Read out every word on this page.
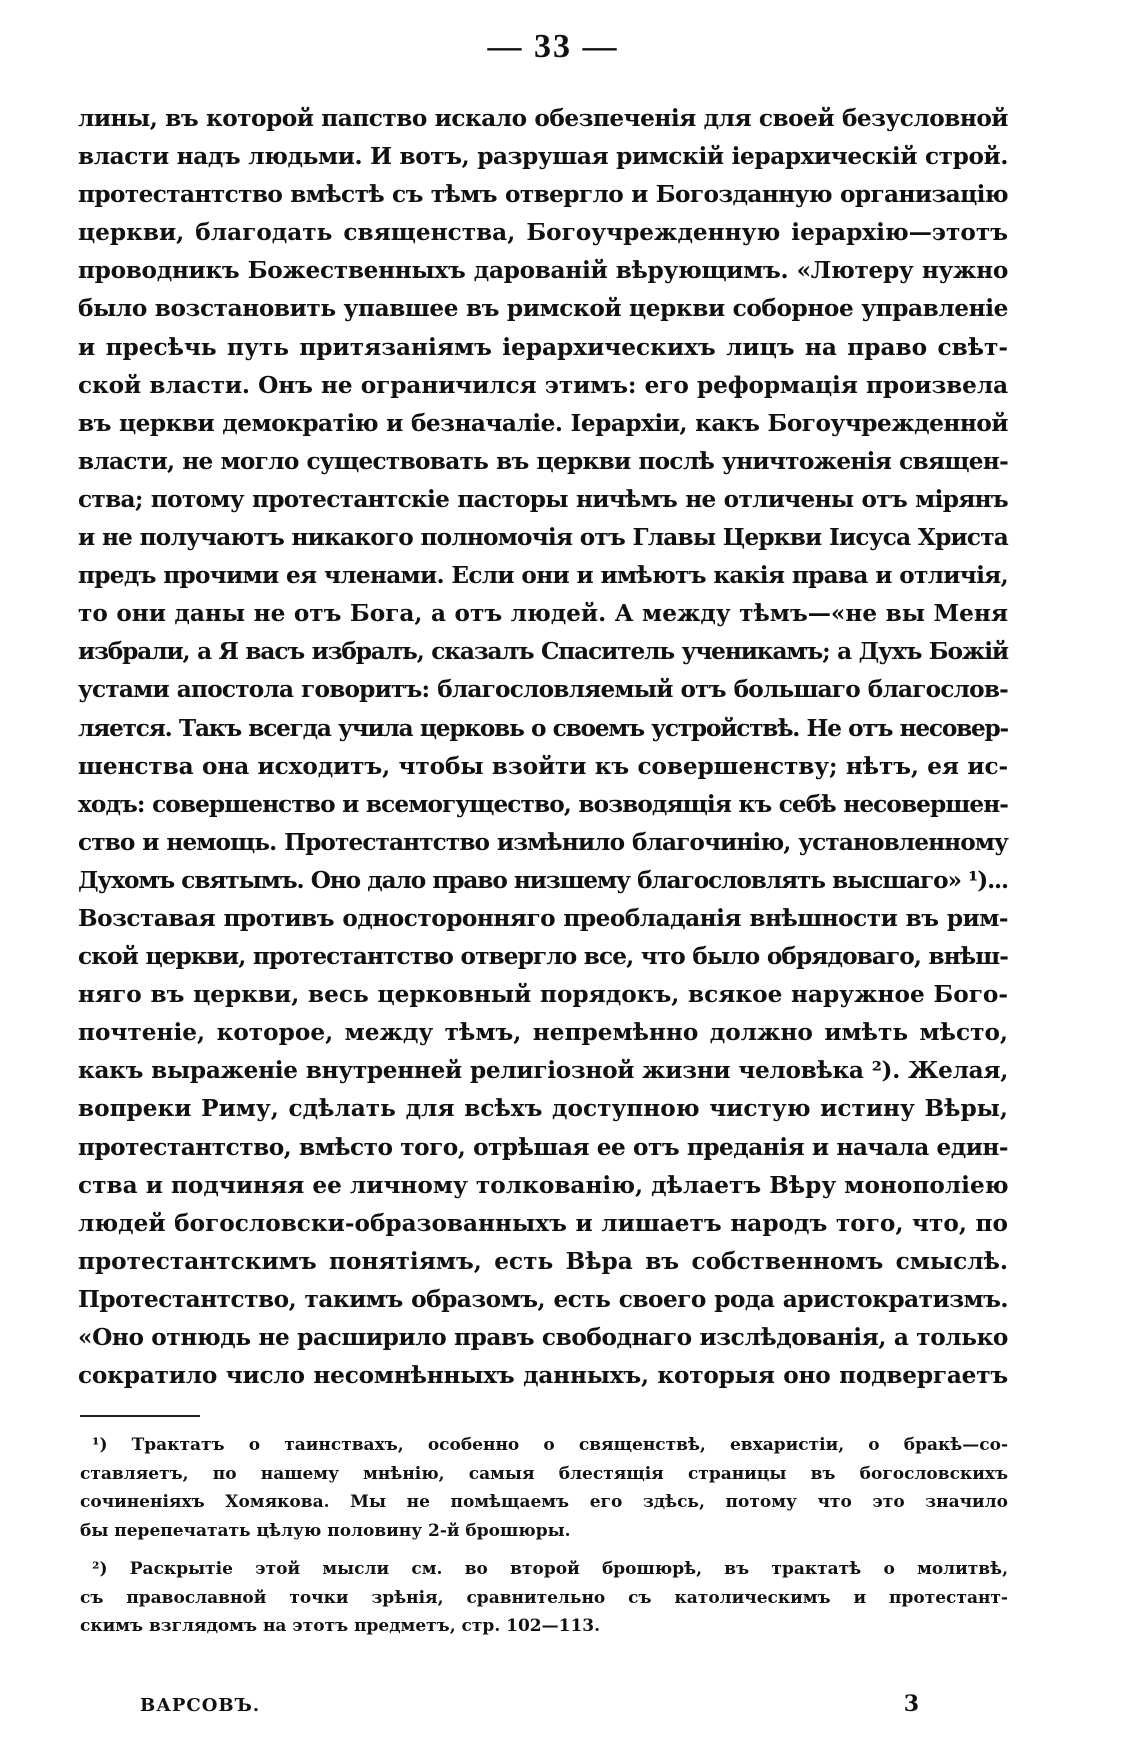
— 33 —
лины, въ которой папство искало обезпеченія для своей безусловной
власти надъ людьми. И вотъ, разрушая римскій іерархическій строй.
протестантство вмѣстѣ съ тѣмъ отвергло и Богозданную организацію
церкви, благодать священства, Богоучрежденную іерархію—этотъ
проводникъ Божественныхъ дарованій вѣрующимъ. «Лютеру нужно
было возстановить упавшее въ римской церкви соборное управленіе
и пресѣчь путь притязаніямъ іерархическихъ лицъ на право свѣт-
ской власти. Онъ не ограничился этимъ: его реформація произвела
въ церкви демократію и безначаліе. Іерархіи, какъ Богоучрежденной
власти, не могло существовать въ церкви послѣ уничтоженія священ-
ства; потому протестантскіе пасторы ничѣмъ не отличены отъ мірянъ
и не получаютъ никакого полномочія отъ Главы Церкви Іисуса Христа
предъ прочими ея членами. Если они и имѣютъ какія права и отличія,
то они даны не отъ Бога, а отъ людей. А между тѣмъ—«не вы Меня
избрали, а Я васъ избралъ, сказалъ Спаситель ученикамъ; а Духъ Божій
устами апостола говоритъ: благословляемый отъ большаго благослов-
ляется. Такъ всегда учила церковь о своемъ устройствѣ. Не отъ несовер-
шенства она исходитъ, чтобы взойти къ совершенству; нѣтъ, ея ис-
ходъ: совершенство и всемогущество, возводящія къ себѣ несовершен-
ство и немощь. Протестантство измѣнило благочинію, установленному
Духомъ святымъ. Оно дало право низшему благословлять высшаго» ¹)...
Возставая противъ односторонняго преобладанія внѣшности въ рим-
ской церкви, протестантство отвергло все, что было обрядоваго, внѣш-
няго въ церкви, весь церковный порядокъ, всякое наружное Бого-
почтеніе, которое, между тѣмъ, непремѣнно должно имѣть мѣсто,
какъ выраженіе внутренней религіозной жизни человѣка ²). Желая,
вопреки Риму, сдѣлать для всѣхъ доступною чистую истину Вѣры,
протестантство, вмѣсто того, отрѣшая ее отъ преданія и начала един-
ства и подчиняя ее личному толкованію, дѣлаетъ Вѣру монополіею
людей богословски-образованныхъ и лишаетъ народъ того, что, по
протестантскимъ понятіямъ, есть Вѣра въ собственномъ смыслѣ.
Протестантство, такимъ образомъ, есть своего рода аристократизмъ.
«Оно отнюдь не расширило правъ свободнаго изслѣдованія, а только
сократило число несомнѣнныхъ данныхъ, которыя оно подвергаетъ
¹) Трактатъ о таинствахъ, особенно о священствѣ, евхаристіи, о бракѣ—со-
ставляетъ, по нашему мнѣнію, самыя блестящія страницы въ богословскихъ
сочиненіяхъ Хомякова. Мы не помѣщаемъ его здѣсь, потому что это значило
бы перепечатать цѣлую половину 2-й брошюры.
²) Раскрытіе этой мысли см. во второй брошюрѣ, въ трактатѣ о молитвѣ,
съ православной точки зрѣнія, сравнительно съ католическимъ и протестант-
скимъ взглядомъ на этотъ предметъ, стр. 102—113.
ВАРСОВЪ.	3
